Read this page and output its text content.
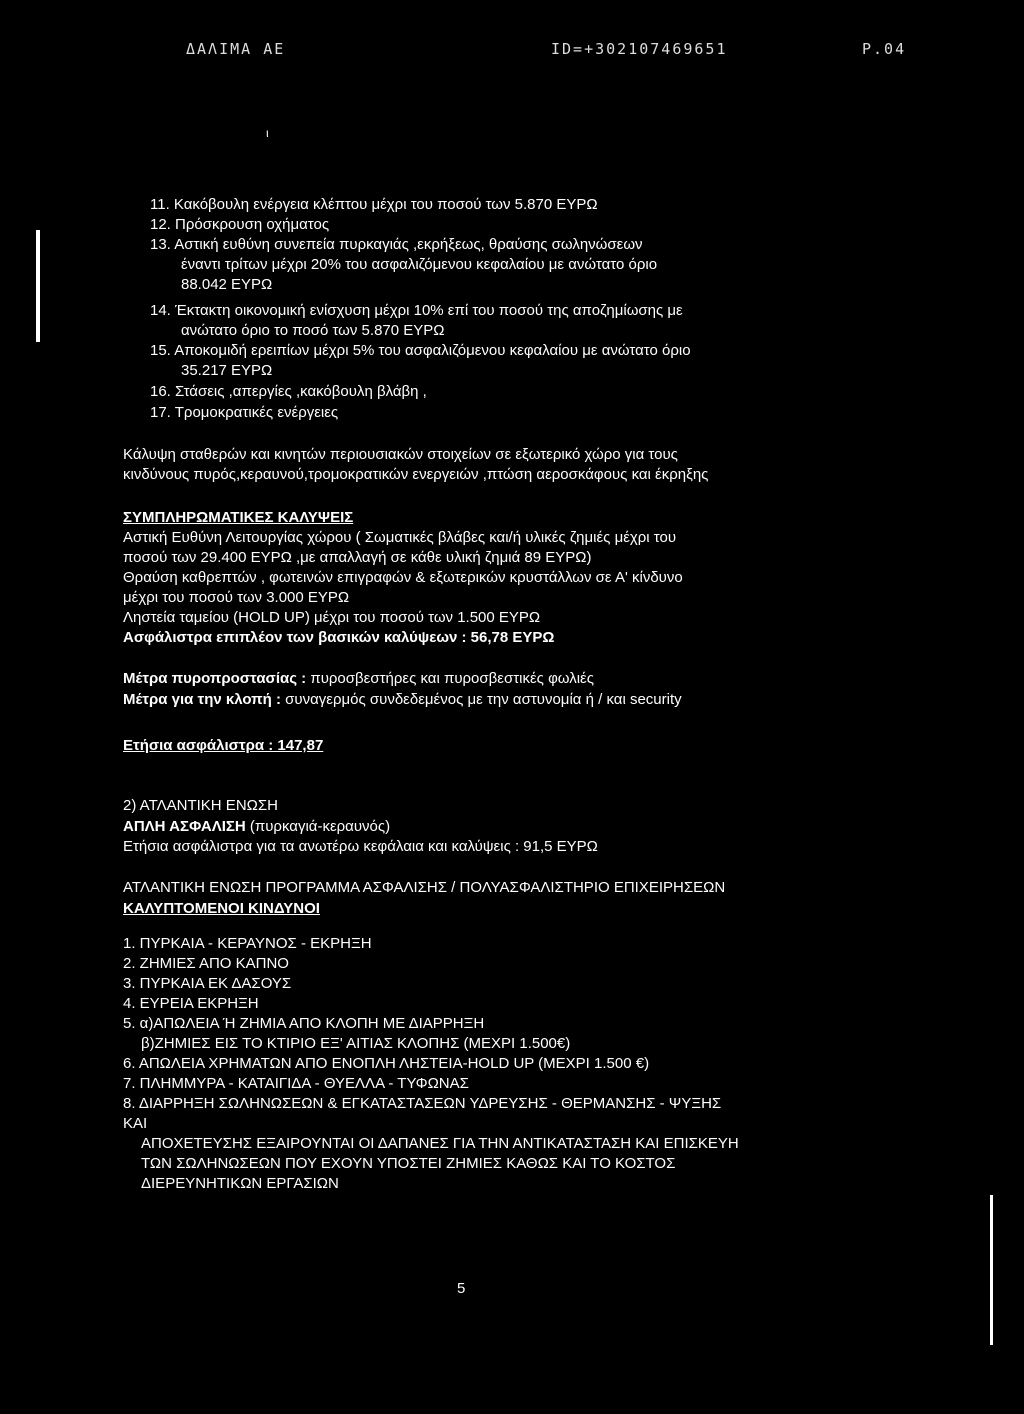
ΔΑΛΙΜΑ ΑΕ	ID=+302107469651	P.04
ι
11. Κακόβουλη ενέργεια κλέπτου μέχρι του ποσού των 5.870 ΕΥΡΩ
12. Πρόσκρουση οχήματος
13. Αστική ευθύνη συνεπεία πυρκαγιάς ,εκρήξεως, θραύσης σωληνώσεων
έναντι τρίτων μέχρι 20% του ασφαλιζόμενου κεφαλαίου με ανώτατο όριο
88.042 ΕΥΡΩ
14. Έκτακτη οικονομική ενίσχυση μέχρι 10% επί του ποσού της αποζημίωσης με
ανώτατο όριο το ποσό των 5.870 ΕΥΡΩ
15. Αποκομιδή ερειπίων μέχρι 5% του ασφαλιζόμενου κεφαλαίου με ανώτατο όριο
35.217 ΕΥΡΩ
16. Στάσεις ,απεργίες ,κακόβουλη βλάβη ,
17. Τρομοκρατικές ενέργειες
Κάλυψη σταθερών και κινητών περιουσιακών στοιχείων σε εξωτερικό χώρο για τους
κινδύνους πυρός,κεραυνού,τρομοκρατικών ενεργειών ,πτώση αεροσκάφους και έκρηξης
ΣΥΜΠΛΗΡΩΜΑΤΙΚΕΣ ΚΑΛΥΨΕΙΣ
Αστική Ευθύνη Λειτουργίας χώρου ( Σωματικές βλάβες και/ή υλικές ζημιές μέχρι του
ποσού των 29.400 ΕΥΡΩ ,με απαλλαγή σε κάθε υλική ζημιά 89 ΕΥΡΩ)
Θραύση καθρεπτών , φωτεινών επιγραφών & εξωτερικών κρυστάλλων σε Α' κίνδυνο
μέχρι του ποσού των 3.000 ΕΥΡΩ
Ληστεία ταμείου (HOLD UP) μέχρι του ποσού των 1.500 ΕΥΡΩ
Ασφάλιστρα επιπλέον των βασικών καλύψεων : 56,78 ΕΥΡΩ
Μέτρα πυροπροστασίας : πυροσβεστήρες και πυροσβεστικές φωλιές
Μέτρα για την κλοπή : συναγερμός συνδεδεμένος με την αστυνομία ή / και security
Ετήσια ασφάλιστρα : 147,87
2) ΑΤΛΑΝΤΙΚΗ ΕΝΩΣΗ
ΑΠΛΗ ΑΣΦΑΛΙΣΗ (πυρκαγιά-κεραυνός)
Ετήσια ασφάλιστρα για τα ανωτέρω κεφάλαια και καλύψεις : 91,5 ΕΥΡΩ
ΑΤΛΑΝΤΙΚΗ ΕΝΩΣΗ ΠΡΟΓΡΑΜΜΑ ΑΣΦΑΛΙΣΗΣ / ΠΟΛΥΑΣΦΑΛΙΣΤΗΡΙΟ ΕΠΙΧΕΙΡΗΣΕΩΝ
ΚΑΛΥΠΤΟΜΕΝΟΙ ΚΙΝΔΥΝΟΙ
1. ΠΥΡΚΑΙΑ - ΚΕΡΑΥΝΟΣ - ΕΚΡΗΞΗ
2. ΖΗΜΙΕΣ ΑΠΟ ΚΑΠΝΟ
3. ΠΥΡΚΑΙΑ ΕΚ ΔΑΣΟΥΣ
4. ΕΥΡΕΙΑ ΕΚΡΗΞΗ
5. α)ΑΠΩΛΕΙΑ Ή ΖΗΜΙΑ ΑΠΟ ΚΛΟΠΗ ΜΕ ΔΙΑΡΡΗΞΗ
β)ΖΗΜΙΕΣ ΕΙΣ ΤΟ ΚΤΙΡΙΟ ΕΞ' ΑΙΤΙΑΣ ΚΛΟΠΗΣ (ΜΕΧΡΙ 1.500€)
6. ΑΠΩΛΕΙΑ ΧΡΗΜΑΤΩΝ ΑΠΟ ΕΝΟΠΛΗ ΛΗΣΤΕΙΑ-HOLD UP (ΜΕΧΡΙ 1.500 €)
7. ΠΛΗΜΜΥΡΑ - ΚΑΤΑΙΓΙΔΑ - ΘΥΕΛΛΑ - ΤΥΦΩΝΑΣ
8. ΔΙΑΡΡΗΞΗ ΣΩΛΗΝΩΣΕΩΝ & ΕΓΚΑΤΑΣΤΑΣΕΩΝ ΥΔΡΕΥΣΗΣ - ΘΕΡΜΑΝΣΗΣ - ΨΥΞΗΣ
ΚΑΙ
ΑΠΟΧΕΤΕΥΣΗΣ ΕΞΑΙΡΟΥΝΤΑΙ ΟΙ ΔΑΠΑΝΕΣ ΓΙΑ ΤΗΝ ΑΝΤΙΚΑΤΑΣΤΑΣΗ ΚΑΙ ΕΠΙΣΚΕΥΗ
ΤΩΝ ΣΩΛΗΝΩΣΕΩΝ ΠΟΥ ΕΧΟΥΝ ΥΠΟΣΤΕΙ ΖΗΜΙΕΣ ΚΑΘΩΣ ΚΑΙ ΤΟ ΚΟΣΤΟΣ
ΔΙΕΡΕΥΝΗΤΙΚΩΝ ΕΡΓΑΣΙΩΝ
5
